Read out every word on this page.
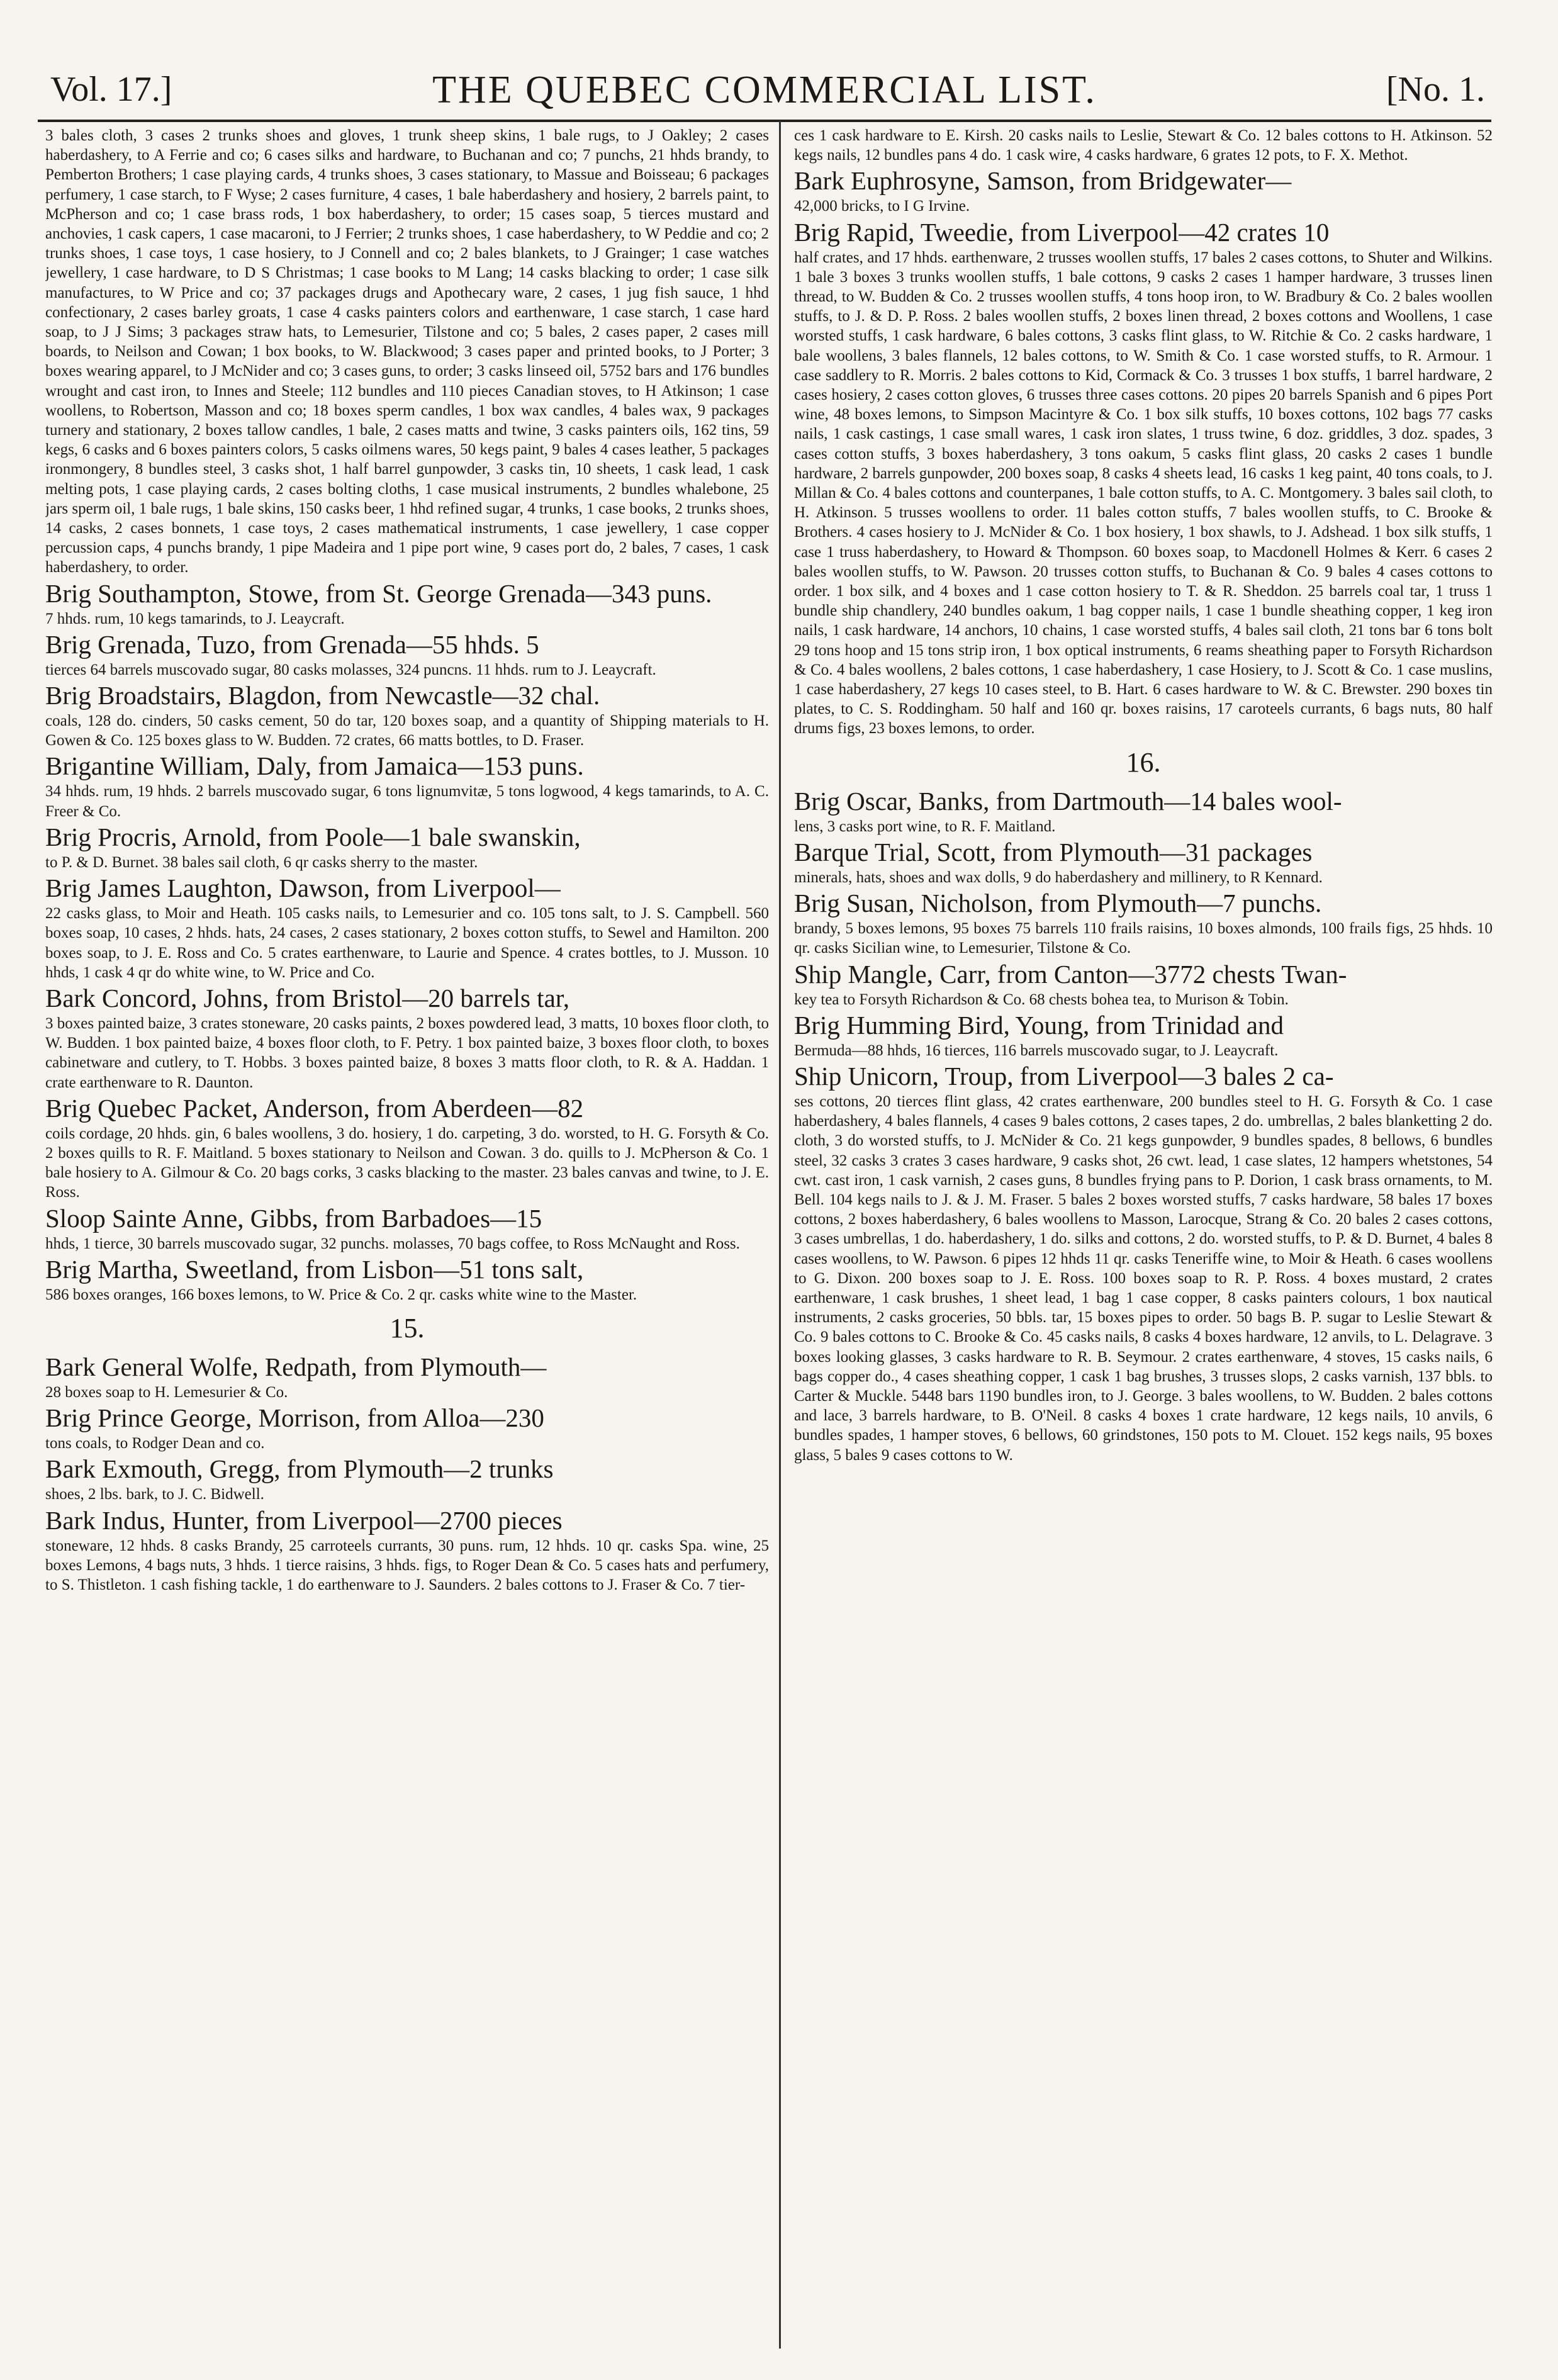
Vol. 17.]	THE QUEBEC COMMERCIAL LIST.	[No. 1.

3 bales cloth, 3 cases 2 trunks shoes and gloves, 1 trunk sheep skins, 1 bale rugs, to J Oakley; 2 cases haberdashery, to A Ferrie and co; 6 cases silks and hardware, to Buchanan and co; 7 punchs, 21 hhds brandy, to Pemberton Brothers; 1 case playing cards, 4 trunks shoes, 3 cases stationary, to Massue and Boisseau; 6 packages perfumery, 1 case starch, to F Wyse; 2 cases furniture, 4 cases, 1 bale haberdashery and hosiery, 2 barrels paint, to McPherson and co; 1 case brass rods, 1 box haberdashery, to order; 15 cases soap, 5 tierces mustard and anchovies, 1 cask capers, 1 case macaroni, to J Ferrier; 2 trunks shoes, 1 case haberdashery, to W Peddie and co; 2 trunks shoes, 1 case toys, 1 case hosiery, to J Connell and co; 2 bales blankets, to J Grainger; 1 case watches jewellery, 1 case hardware, to D S Christmas; 1 case books to M Lang; 14 casks blacking to order; 1 case silk manufactures, to W Price and co; 37 packages drugs and Apothecary ware, 2 cases, 1 jug fish sauce, 1 hhd confectionary, 2 cases barley groats, 1 case 4 casks painters colors and earthenware, 1 case starch, 1 case hard soap, to J J Sims; 3 packages straw hats, to Lemesurier, Tilstone and co; 5 bales, 2 cases paper, 2 cases mill boards, to Neilson and Cowan; 1 box books, to W. Blackwood; 3 cases paper and printed books, to J Porter; 3 boxes wearing apparel, to J McNider and co; 3 cases guns, to order; 3 casks linseed oil, 5752 bars and 176 bundles wrought and cast iron, to Innes and Steele; 112 bundles and 110 pieces Canadian stoves, to H Atkinson; 1 case woollens, to Robertson, Masson and co; 18 boxes sperm candles, 1 box wax candles, 4 bales wax, 9 packages turnery and stationary, 2 boxes tallow candles, 1 bale, 2 cases matts and twine, 3 casks painters oils, 162 tins, 59 kegs, 6 casks and 6 boxes painters colors, 5 casks oilmens wares, 50 kegs paint, 9 bales 4 cases leather, 5 packages ironmongery, 8 bundles steel, 3 casks shot, 1 half barrel gunpowder, 3 casks tin, 10 sheets, 1 cask lead, 1 cask melting pots, 1 case playing cards, 2 cases bolting cloths, 1 case musical instruments, 2 bundles whalebone, 25 jars sperm oil, 1 bale rugs, 1 bale skins, 150 casks beer, 1 hhd refined sugar, 4 trunks, 1 case books, 2 trunks shoes, 14 casks, 2 cases bonnets, 1 case toys, 2 cases mathematical instruments, 1 case jewellery, 1 case copper percussion caps, 4 punchs brandy, 1 pipe Madeira and 1 pipe port wine, 9 cases port do, 2 bales, 7 cases, 1 cask haberdashery, to order.

Brig Southampton, Stowe, from St. George Grenada—343 puns.

7 hhds. rum, 10 kegs tamarinds, to J. Leaycraft.

Brig Grenada, Tuzo, from Grenada—55 hhds. 5

tierces 64 barrels muscovado sugar, 80 casks molasses, 324 puncns. 11 hhds. rum to J. Leaycraft.

Brig Broadstairs, Blagdon, from Newcastle—32 chal.

coals, 128 do. cinders, 50 casks cement, 50 do tar, 120 boxes soap, and a quantity of Shipping materials to H. Gowen & Co. 125 boxes glass to W. Budden. 72 crates, 66 matts bottles, to D. Fraser.

Brigantine William, Daly, from Jamaica—153 puns.

34 hhds. rum, 19 hhds. 2 barrels muscovado sugar, 6 tons lignumvitæ, 5 tons logwood, 4 kegs tamarinds, to A. C. Freer & Co.

Brig Procris, Arnold, from Poole—1 bale swanskin,

to P. & D. Burnet. 38 bales sail cloth, 6 qr casks sherry to the master.

Brig James Laughton, Dawson, from Liverpool—

22 casks glass, to Moir and Heath. 105 casks nails, to Lemesurier and co. 105 tons salt, to J. S. Campbell. 560 boxes soap, 10 cases, 2 hhds. hats, 24 cases, 2 cases stationary, 2 boxes cotton stuffs, to Sewel and Hamilton. 200 boxes soap, to J. E. Ross and Co. 5 crates earthenware, to Laurie and Spence. 4 crates bottles, to J. Musson. 10 hhds, 1 cask 4 qr do white wine, to W. Price and Co.

Bark Concord, Johns, from Bristol—20 barrels tar,

3 boxes painted baize, 3 crates stoneware, 20 casks paints, 2 boxes powdered lead, 3 matts, 10 boxes floor cloth, to W. Budden. 1 box painted baize, 4 boxes floor cloth, to F. Petry. 1 box painted baize, 3 boxes floor cloth, to boxes cabinetware and cutlery, to T. Hobbs. 3 boxes painted baize, 8 boxes 3 matts floor cloth, to R. & A. Haddan. 1 crate earthenware to R. Daunton.

Brig Quebec Packet, Anderson, from Aberdeen—82

coils cordage, 20 hhds. gin, 6 bales woollens, 3 do. hosiery, 1 do. carpeting, 3 do. worsted, to H. G. Forsyth & Co. 2 boxes quills to R. F. Maitland. 5 boxes stationary to Neilson and Cowan. 3 do. quills to J. McPherson & Co. 1 bale hosiery to A. Gilmour & Co. 20 bags corks, 3 casks blacking to the master. 23 bales canvas and twine, to J. E. Ross.

Sloop Sainte Anne, Gibbs, from Barbadoes—15

hhds, 1 tierce, 30 barrels muscovado sugar, 32 punchs. molasses, 70 bags coffee, to Ross McNaught and Ross.

Brig Martha, Sweetland, from Lisbon—51 tons salt,

586 boxes oranges, 166 boxes lemons, to W. Price & Co. 2 qr. casks white wine to the Master.

15.
Bark General Wolfe, Redpath, from Plymouth—

28 boxes soap to H. Lemesurier & Co.

Brig Prince George, Morrison, from Alloa—230

tons coals, to Rodger Dean and co.

Bark Exmouth, Gregg, from Plymouth—2 trunks

shoes, 2 lbs. bark, to J. C. Bidwell.

Bark Indus, Hunter, from Liverpool—2700 pieces

stoneware, 12 hhds. 8 casks Brandy, 25 carroteels currants, 30 puns. rum, 12 hhds. 10 qr. casks Spa. wine, 25 boxes Lemons, 4 bags nuts, 3 hhds. 1 tierce raisins, 3 hhds. figs, to Roger Dean & Co. 5 cases hats and perfumery, to S. Thistleton. 1 cash fishing tackle, 1 do earthenware to J. Saunders. 2 bales cottons to J. Fraser & Co. 7 tier-

ces 1 cask hardware to E. Kirsh. 20 casks nails to Leslie, Stewart & Co. 12 bales cottons to H. Atkinson. 52 kegs nails, 12 bundles pans 4 do. 1 cask wire, 4 casks hardware, 6 grates 12 pots, to F. X. Methot.

Bark Euphrosyne, Samson, from Bridgewater—

42,000 bricks, to I G Irvine.

Brig Rapid, Tweedie, from Liverpool—42 crates 10

half crates, and 17 hhds. earthenware, 2 trusses woollen stuffs, 17 bales 2 cases cottons, to Shuter and Wilkins. 1 bale 3 boxes 3 trunks woollen stuffs, 1 bale cottons, 9 casks 2 cases 1 hamper hardware, 3 trusses linen thread, to W. Budden & Co. 2 trusses woollen stuffs, 4 tons hoop iron, to W. Bradbury & Co. 2 bales woollen stuffs, to J. & D. P. Ross. 2 bales woollen stuffs, 2 boxes linen thread, 2 boxes cottons and Woollens, 1 case worsted stuffs, 1 cask hardware, 6 bales cottons, 3 casks flint glass, to W. Ritchie & Co. 2 casks hardware, 1 bale woollens, 3 bales flannels, 12 bales cottons, to W. Smith & Co. 1 case worsted stuffs, to R. Armour. 1 case saddlery to R. Morris. 2 bales cottons to Kid, Cormack & Co. 3 trusses 1 box stuffs, 1 barrel hardware, 2 cases hosiery, 2 cases cotton gloves, 6 trusses three cases cottons. 20 pipes 20 barrels Spanish and 6 pipes Port wine, 48 boxes lemons, to Simpson Macintyre & Co. 1 box silk stuffs, 10 boxes cottons, 102 bags 77 casks nails, 1 cask castings, 1 case small wares, 1 cask iron slates, 1 truss twine, 6 doz. griddles, 3 doz. spades, 3 cases cotton stuffs, 3 boxes haberdashery, 3 tons oakum, 5 casks flint glass, 20 casks 2 cases 1 bundle hardware, 2 barrels gunpowder, 200 boxes soap, 8 casks 4 sheets lead, 16 casks 1 keg paint, 40 tons coals, to J. Millan & Co. 4 bales cottons and counterpanes, 1 bale cotton stuffs, to A. C. Montgomery. 3 bales sail cloth, to H. Atkinson. 5 trusses woollens to order. 11 bales cotton stuffs, 7 bales woollen stuffs, to C. Brooke & Brothers. 4 cases hosiery to J. McNider & Co. 1 box hosiery, 1 box shawls, to J. Adshead. 1 box silk stuffs, 1 case 1 truss haberdashery, to Howard & Thompson. 60 boxes soap, to Macdonell Holmes & Kerr. 6 cases 2 bales woollen stuffs, to W. Pawson. 20 trusses cotton stuffs, to Buchanan & Co. 9 bales 4 cases cottons to order. 1 box silk, and 4 boxes and 1 case cotton hosiery to T. & R. Sheddon. 25 barrels coal tar, 1 truss 1 bundle ship chandlery, 240 bundles oakum, 1 bag copper nails, 1 case 1 bundle sheathing copper, 1 keg iron nails, 1 cask hardware, 14 anchors, 10 chains, 1 case worsted stuffs, 4 bales sail cloth, 21 tons bar 6 tons bolt 29 tons hoop and 15 tons strip iron, 1 box optical instruments, 6 reams sheathing paper to Forsyth Richardson & Co. 4 bales woollens, 2 bales cottons, 1 case haberdashery, 1 case Hosiery, to J. Scott & Co. 1 case muslins, 1 case haberdashery, 27 kegs 10 cases steel, to B. Hart. 6 cases hardware to W. & C. Brewster. 290 boxes tin plates, to C. S. Roddingham. 50 half and 160 qr. boxes raisins, 17 caroteels currants, 6 bags nuts, 80 half drums figs, 23 boxes lemons, to order.

16.
Brig Oscar, Banks, from Dartmouth—14 bales wool-

lens, 3 casks port wine, to R. F. Maitland.

Barque Trial, Scott, from Plymouth—31 packages

minerals, hats, shoes and wax dolls, 9 do haberdashery and millinery, to R Kennard.

Brig Susan, Nicholson, from Plymouth—7 punchs.

brandy, 5 boxes lemons, 95 boxes 75 barrels 110 frails raisins, 10 boxes almonds, 100 frails figs, 25 hhds. 10 qr. casks Sicilian wine, to Lemesurier, Tilstone & Co.

Ship Mangle, Carr, from Canton—3772 chests Twan-

key tea to Forsyth Richardson & Co. 68 chests bohea tea, to Murison & Tobin.

Brig Humming Bird, Young, from Trinidad and

Bermuda—88 hhds, 16 tierces, 116 barrels muscovado sugar, to J. Leaycraft.

Ship Unicorn, Troup, from Liverpool—3 bales 2 ca-

ses cottons, 20 tierces flint glass, 42 crates earthenware, 200 bundles steel to H. G. Forsyth & Co. 1 case haberdashery, 4 bales flannels, 4 cases 9 bales cottons, 2 cases tapes, 2 do. umbrellas, 2 bales blanketting 2 do. cloth, 3 do worsted stuffs, to J. McNider & Co. 21 kegs gunpowder, 9 bundles spades, 8 bellows, 6 bundles steel, 32 casks 3 crates 3 cases hardware, 9 casks shot, 26 cwt. lead, 1 case slates, 12 hampers whetstones, 54 cwt. cast iron, 1 cask varnish, 2 cases guns, 8 bundles frying pans to P. Dorion, 1 cask brass ornaments, to M. Bell. 104 kegs nails to J. & J. M. Fraser. 5 bales 2 boxes worsted stuffs, 7 casks hardware, 58 bales 17 boxes cottons, 2 boxes haberdashery, 6 bales woollens to Masson, Larocque, Strang & Co. 20 bales 2 cases cottons, 3 cases umbrellas, 1 do. haberdashery, 1 do. silks and cottons, 2 do. worsted stuffs, to P. & D. Burnet, 4 bales 8 cases woollens, to W. Pawson. 6 pipes 12 hhds 11 qr. casks Teneriffe wine, to Moir & Heath. 6 cases woollens to G. Dixon. 200 boxes soap to J. E. Ross. 100 boxes soap to R. P. Ross. 4 boxes mustard, 2 crates earthenware, 1 cask brushes, 1 sheet lead, 1 bag 1 case copper, 8 casks painters colours, 1 box nautical instruments, 2 casks groceries, 50 bbls. tar, 15 boxes pipes to order. 50 bags B. P. sugar to Leslie Stewart & Co. 9 bales cottons to C. Brooke & Co. 45 casks nails, 8 casks 4 boxes hardware, 12 anvils, to L. Delagrave. 3 boxes looking glasses, 3 casks hardware to R. B. Seymour. 2 crates earthenware, 4 stoves, 15 casks nails, 6 bags copper do., 4 cases sheathing copper, 1 cask 1 bag brushes, 3 trusses slops, 2 casks varnish, 137 bbls. to Carter & Muckle. 5448 bars 1190 bundles iron, to J. George. 3 bales woollens, to W. Budden. 2 bales cottons and lace, 3 barrels hardware, to B. O'Neil. 8 casks 4 boxes 1 crate hardware, 12 kegs nails, 10 anvils, 6 bundles spades, 1 hamper stoves, 6 bellows, 60 grindstones, 150 pots to M. Clouet. 152 kegs nails, 95 boxes glass, 5 bales 9 cases cottons to W.
